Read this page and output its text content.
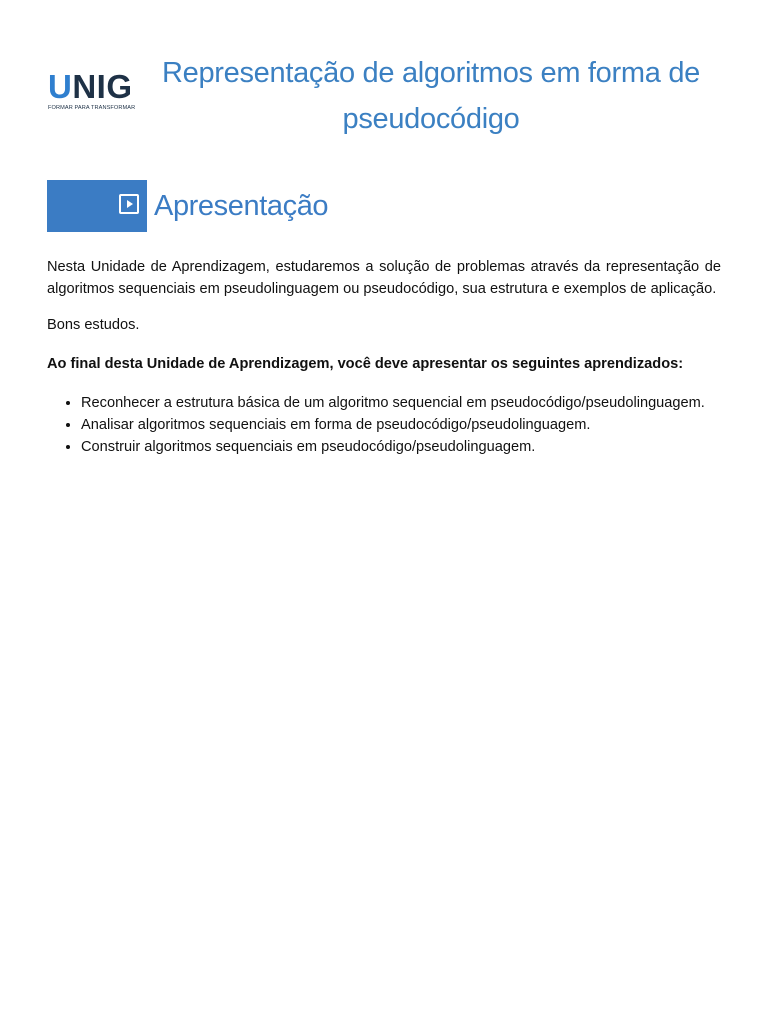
UNIG
FORMAR PARA TRANSFORMAR
Representação de algoritmos em forma de pseudocódigo
Apresentação

Nesta Unidade de Aprendizagem, estudaremos a solução de problemas através da representação de algoritmos sequenciais em pseudolinguagem ou pseudocódigo, sua estrutura e exemplos de aplicação.

Bons estudos.

Ao final desta Unidade de Aprendizagem, você deve apresentar os seguintes aprendizados:

• Reconhecer a estrutura básica de um algoritmo sequencial em pseudocódigo/pseudolinguagem.
• Analisar algoritmos sequenciais em forma de pseudocódigo/pseudolinguagem.
• Construir algoritmos sequenciais em pseudocódigo/pseudolinguagem.
